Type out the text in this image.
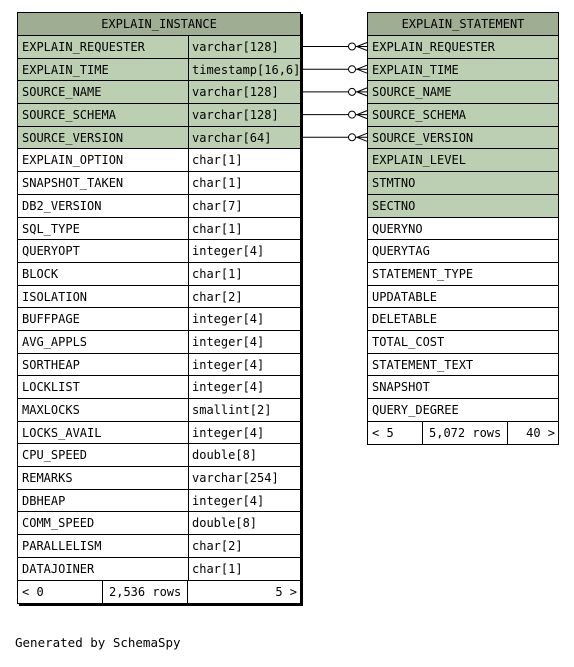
EXPLAIN_INSTANCE
EXPLAIN_REQUESTER	varchar[128]
EXPLAIN_TIME	timestamp[16,6]
SOURCE_NAME	varchar[128]
SOURCE_SCHEMA	varchar[128]
SOURCE_VERSION	varchar[64]
EXPLAIN_OPTION	char[1]
SNAPSHOT_TAKEN	char[1]
DB2_VERSION	char[7]
SQL_TYPE	char[1]
QUERYOPT	integer[4]
BLOCK	char[1]
ISOLATION	char[2]
BUFFPAGE	integer[4]
AVG_APPLS	integer[4]
SORTHEAP	integer[4]
LOCKLIST	integer[4]
MAXLOCKS	smallint[2]
LOCKS_AVAIL	integer[4]
CPU_SPEED	double[8]
REMARKS	varchar[254]
DBHEAP	integer[4]
COMM_SPEED	double[8]
PARALLELISM	char[2]
DATAJOINER	char[1]
< 0	2,536 rows	5 >
EXPLAIN_STATEMENT
EXPLAIN_REQUESTER
EXPLAIN_TIME
SOURCE_NAME
SOURCE_SCHEMA
SOURCE_VERSION
EXPLAIN_LEVEL
STMTNO
SECTNO
QUERYNO
QUERYTAG
STATEMENT_TYPE
UPDATABLE
DELETABLE
TOTAL_COST
STATEMENT_TEXT
SNAPSHOT
QUERY_DEGREE
< 5	5,072 rows	40 >
Generated by SchemaSpy
